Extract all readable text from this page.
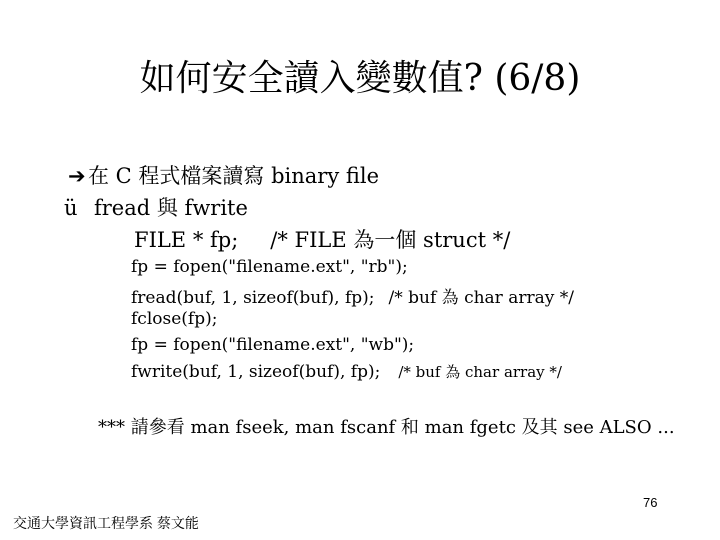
如何安全讀入變數值? (6/8)
➔ 在 C 程式檔案讀寫 binary file
ü fread 與 fwrite
FILE * fp; /* FILE 為一個 struct */
fp = fopen("filename.ext", "rb");
fread(buf, 1, sizeof(buf), fp); /* buf 為 char array */
fclose(fp);
fp = fopen("filename.ext", "wb");
fwrite(buf, 1, sizeof(buf), fp); /* buf 為 char array */
*** 請參看 man fseek, man fscanf 和 man fgetc 及其 see ALSO ...
76
交通大學資訊工程學系 蔡文能
